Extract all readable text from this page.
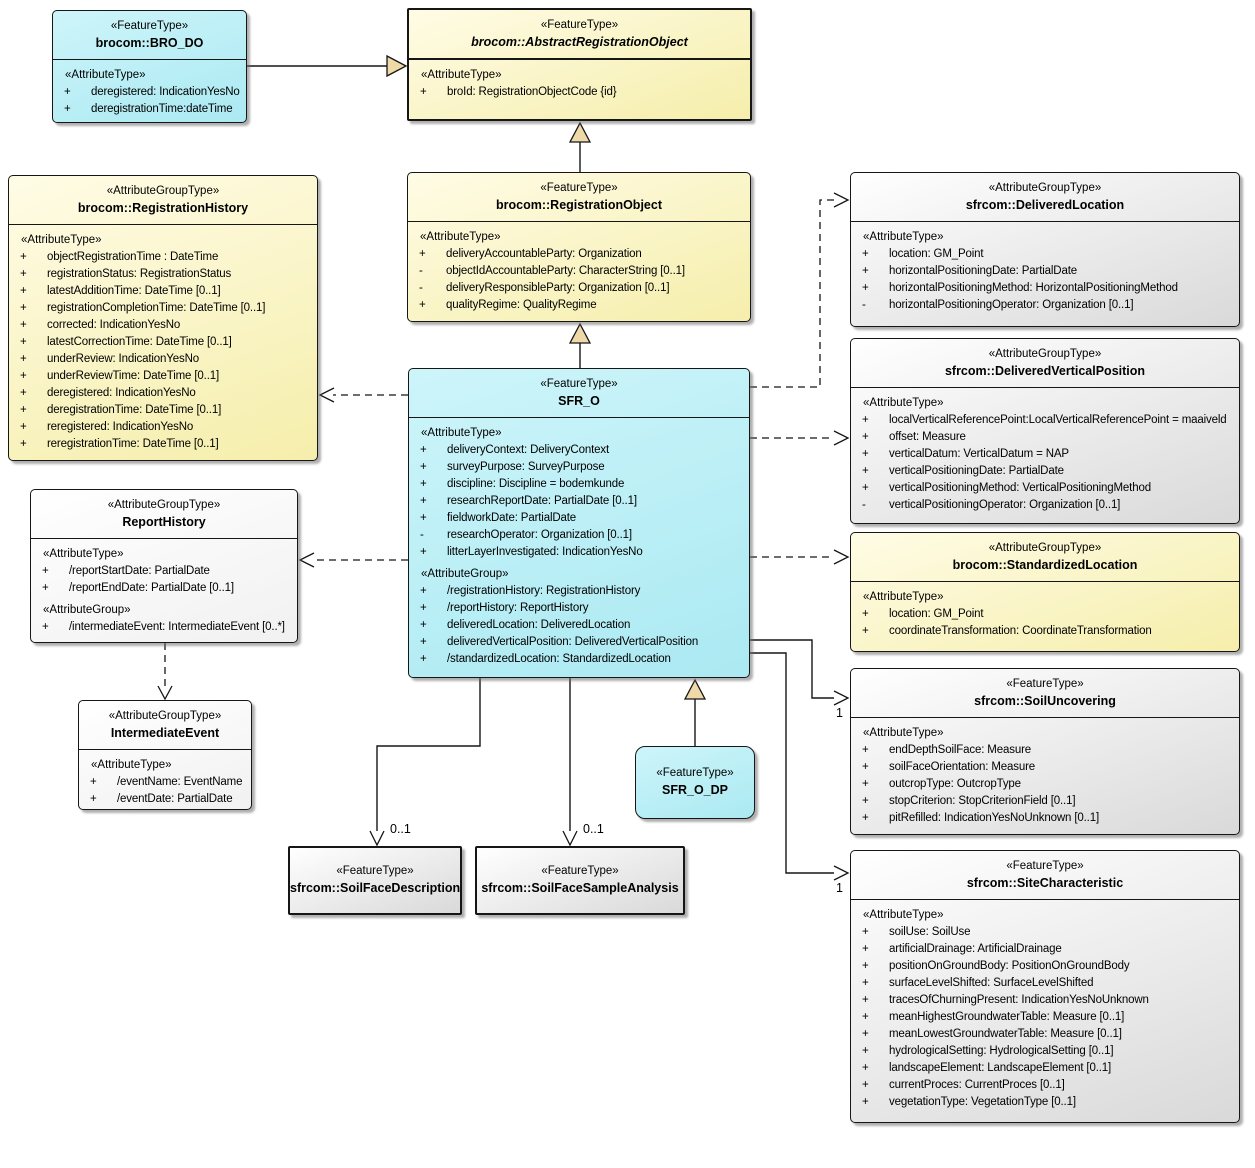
1
1
0..1	0..1
«FeatureType»
brocom::BRO_DO
«AttributeType»
+	deregistered: IndicationYesNo
+	deregistrationTime:dateTime
«FeatureType»
brocom::AbstractRegistrationObject
«AttributeType»
+	broId: RegistrationObjectCode {id}
«AttributeGroupType»
brocom::RegistrationHistory
«AttributeType»
+	objectRegistrationTime : DateTime
+	registrationStatus: RegistrationStatus
+	latestAdditionTime: DateTime [0..1]
+	registrationCompletionTime: DateTime [0..1]
+	corrected: IndicationYesNo
+	latestCorrectionTime: DateTime [0..1]
+	underReview: IndicationYesNo
+	underReviewTime: DateTime [0..1]
+	deregistered: IndicationYesNo
+	deregistrationTime: DateTime [0..1]
+	reregistered: IndicationYesNo
+	reregistrationTime: DateTime [0..1]
«FeatureType»
brocom::RegistrationObject
«AttributeType»
+	deliveryAccountableParty: Organization
-	objectIdAccountableParty: CharacterString [0..1]
-	deliveryResponsibleParty: Organization [0..1]
+	qualityRegime: QualityRegime
«FeatureType»
SFR_O
«AttributeType»
+	deliveryContext: DeliveryContext
+	surveyPurpose: SurveyPurpose
+	discipline: Discipline = bodemkunde
+	researchReportDate: PartialDate [0..1]
+	fieldworkDate: PartialDate
-	researchOperator: Organization [0..1]
+	litterLayerInvestigated: IndicationYesNo
«AttributeGroup»
+	/registrationHistory: RegistrationHistory
+	/reportHistory: ReportHistory
+	deliveredLocation: DeliveredLocation
+	deliveredVerticalPosition: DeliveredVerticalPosition
+	/standardizedLocation: StandardizedLocation
«AttributeGroupType»
sfrcom::DeliveredLocation
«AttributeType»
+	location: GM_Point
+	horizontalPositioningDate: PartialDate
+	horizontalPositioningMethod: HorizontalPositioningMethod
-	horizontalPositioningOperator: Organization [0..1]
«AttributeGroupType»
sfrcom::DeliveredVerticalPosition
«AttributeType»
+	localVerticalReferencePoint:LocalVerticalReferencePoint = maaiveld
+	offset: Measure
+	verticalDatum: VerticalDatum = NAP
+	verticalPositioningDate: PartialDate
+	verticalPositioningMethod: VerticalPositioningMethod
-	verticalPositioningOperator: Organization [0..1]
«AttributeGroupType»
brocom::StandardizedLocation
«AttributeType»
+	location: GM_Point
+	coordinateTransformation: CoordinateTransformation
«FeatureType»
sfrcom::SoilUncovering
«AttributeType»
+	endDepthSoilFace: Measure
+	soilFaceOrientation: Measure
+	outcropType: OutcropType
+	stopCriterion: StopCriterionField [0..1]
+	pitRefilled: IndicationYesNoUnknown [0..1]
«FeatureType»
sfrcom::SiteCharacteristic
«AttributeType»
+	soilUse: SoilUse
+	artificialDrainage: ArtificialDrainage
+	positionOnGroundBody: PositionOnGroundBody
+	surfaceLevelShifted: SurfaceLevelShifted
+	tracesOfChurningPresent: IndicationYesNoUnknown
+	meanHighestGroundwaterTable: Measure [0..1]
+	meanLowestGroundwaterTable: Measure [0..1]
+	hydrologicalSetting: HydrologicalSetting [0..1]
+	landscapeElement: LandscapeElement [0..1]
+	currentProces: CurrentProces [0..1]
+	vegetationType: VegetationType [0..1]
«AttributeGroupType»
ReportHistory
«AttributeType»
+	/reportStartDate: PartialDate
+	/reportEndDate: PartialDate [0..1]
«AttributeGroup»
+	/intermediateEvent: IntermediateEvent [0..*]
«AttributeGroupType»
IntermediateEvent
«AttributeType»
+	/eventName: EventName
+	/eventDate: PartialDate
«FeatureType»
sfrcom::SoilFaceDescription
«FeatureType»
sfrcom::SoilFaceSampleAnalysis
«FeatureType»
SFR_O_DP
